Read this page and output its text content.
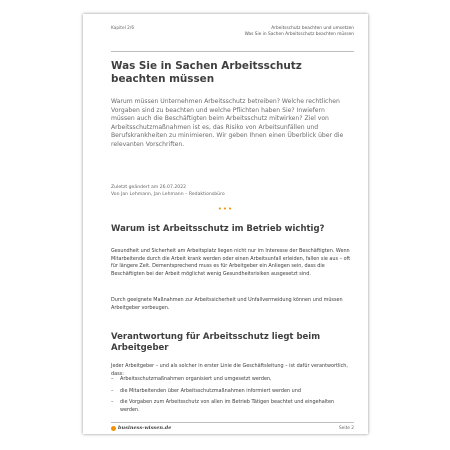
Kapitel 2/6	Arbeitsschutz beachten und umsetzen
Was Sie in Sachen Arbeitsschutz beachten müssen
Was Sie in Sachen Arbeitsschutz beachten müssen

Warum müssen Unternehmen Arbeitsschutz betreiben? Welche rechtlichen Vorgaben sind zu beachten und welche Pflichten haben Sie? Inwiefern müssen auch die Beschäftigten beim Arbeitsschutz mitwirken? Ziel von Arbeitsschutzmaßnahmen ist es, das Risiko von Arbeitsunfällen und Berufskrankheiten zu minimieren. Wir geben Ihnen einen Überblick über die relevanten Vorschriften.

Zuletzt geändert am 26.07.2022
Von Jan Lehmann, Jan Lehmann – Redaktionsbüro
•••
Warum ist Arbeitsschutz im Betrieb wichtig?

Gesundheit und Sicherheit am Arbeitsplatz liegen nicht nur im Interesse der Beschäftigten. Wenn Mitarbeitende durch die Arbeit krank werden oder einen Arbeitsunfall erleiden, fallen sie aus – oft für längere Zeit. Dementsprechend muss es für Arbeitgeber ein Anliegen sein, dass die Beschäftigten bei der Arbeit möglichst wenig Gesundheitsrisiken ausgesetzt sind.

Durch geeignete Maßnahmen zur Arbeitssicherheit und Unfallvermeidung können und müssen Arbeitgeber vorbeugen.

Verantwortung für Arbeitsschutz liegt beim Arbeitgeber

Jeder Arbeitgeber – und als solcher in erster Linie die Geschäftsleitung – ist dafür verantwortlich, dass:

– Arbeitsschutzmaßnahmen organisiert und umgesetzt werden,
– die Mitarbeitenden über Arbeitsschutzmaßnahmen informiert werden und
– die Vorgaben zum Arbeitsschutz von allen im Betrieb Tätigen beachtet und eingehalten werden.
business-wissen.de	Seite 2
